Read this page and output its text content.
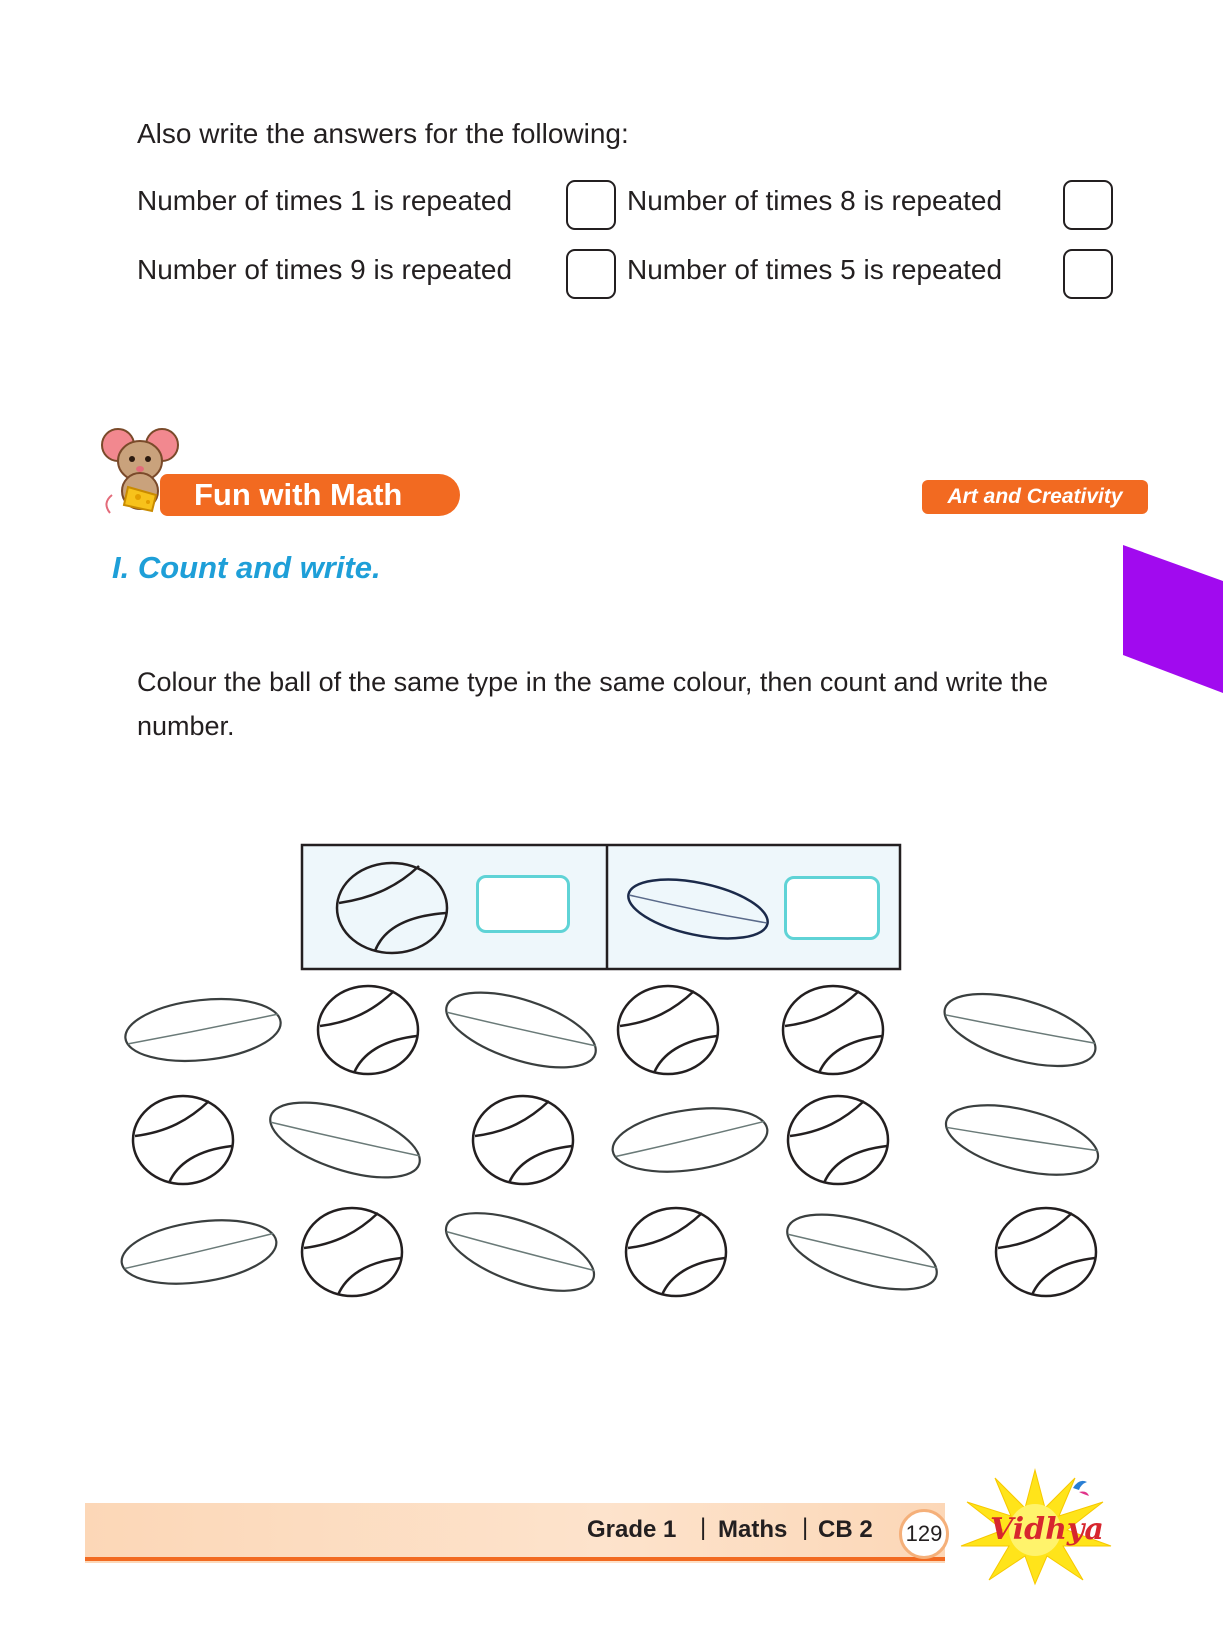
Also write the answers for the following:
Number of times 1 is repeated	Number of times 8 is repeated
Number of times 9 is repeated	Number of times 5 is repeated
Fun with Math	Art and Creativity
I. Count and write.
Colour the ball of the same type in the same colour, then count and write the number.
Grade 1 | Maths | CB 2	129 Vidhya
